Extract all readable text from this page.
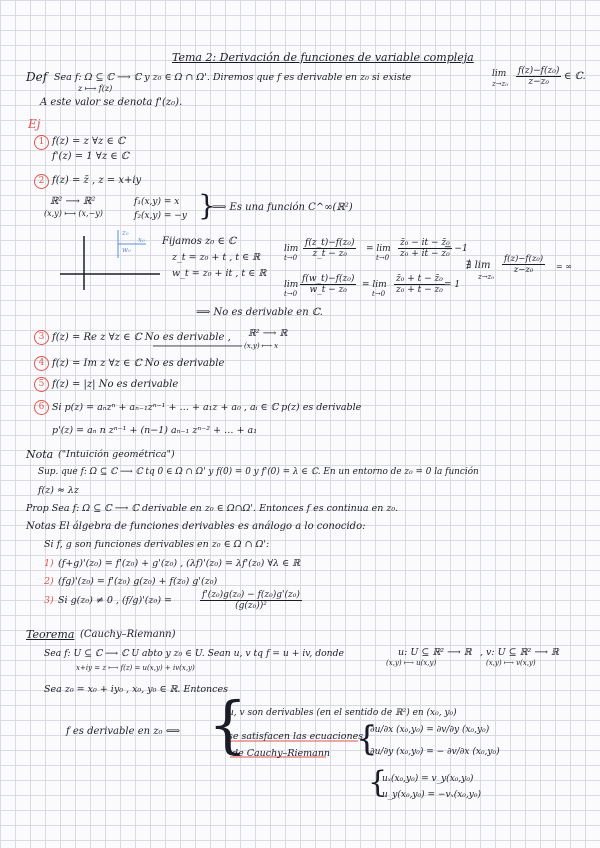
Tema 2: Derivación de funciones de variable compleja
Def Sea f: Ω ⊆ ℂ ⟶ ℂ y z₀ ∈ Ω ∩ Ω'. Diremos que f es derivable en z₀ si existe
z ⟼ f(z)
lim
$z\to z_0 \frac{\text{f(z)−f(z₀)}}{\text{z−z₀}}$ ∈ ℂ.
A este valor se denota f'(z₀).
Ej
1 f(z) = z ∀z ∈ ℂ
f'(z) = 1 ∀z ∈ ℂ
2 f(z) = z̄ , z = x+iy
ℝ² ⟶ ℝ²
(x,y) ⟼ (x,−y)
f₁(x,y) = x
f₂(x,y) = −y }
⟹ Es una función C^∞(ℝ²)
z₀
w₀
x₀ Fijamos z₀ ∈ ℂ
z_t = z₀ + t , t ∈ ℝ
w_t = z₀ + it , t ∈ ℝ
lim
$t\to 0 \frac{\text{f(z\_t)−f(z₀)}}{\text{z\_t − z₀}} = \lim$
$t\to 0 \frac{\text{z̄₀ − it − z̄₀}}{\text{z₀ + it − z₀}}$
= −1
lim
$t\to 0 \frac{\text{f(w\_t)−f(z₀)}}{\text{w\_t − z₀}} = \lim$
$t\to 0 \frac{\text{z̄₀ + t − z̄₀}}{\text{z₀ + t − z₀}} = 1$
∄ lim
z→z₀
$\frac{\text{f(z)−f(z₀)}}{\text{z−z₀}}$ = ∞
⟹ No es derivable en ℂ.
3 f(z) = Re z ∀z ∈ ℂ No es derivable , ℝ² ⟶ ℝ
(x,y) ⟼ x
4 f(z) = Im z ∀z ∈ ℂ No es derivable
5 f(z) = |z| No es derivable
6 Si p(z) = aₙzⁿ + aₙ₋₁zⁿ⁻¹ + … + a₁z + a₀ , aᵢ ∈ ℂ p(z) es derivable
p'(z) = aₙ n zⁿ⁻¹ + (n−1) aₙ₋₁ zⁿ⁻² + … + a₁
Nota ("Intuición geométrica")
Sup. que f: Ω ⊆ ℂ ⟶ ℂ tq 0 ∈ Ω ∩ Ω' y f(0) = 0 y f'(0) = λ ∈ ℂ. En un entorno de z₀ = 0 la función
f(z) ≈ λz
Prop Sea f: Ω ⊆ ℂ ⟶ ℂ derivable en z₀ ∈ Ω∩Ω'. Entonces f es continua en z₀.
Notas El álgebra de funciones derivables es análogo a lo conocido:
Si f, g son funciones derivables en z₀ ∈ Ω ∩ Ω':
1) (f+g)'(z₀) = f'(z₀) + g'(z₀) , (λf)'(z₀) = λf'(z₀) ∀λ ∈ ℝ
2) (fg)'(z₀) = f'(z₀) g(z₀) + f(z₀) g'(z₀)
3) Si g(z₀) ≠ 0 , (f/g)'(z₀) =	$\frac{\text{f'(z₀)g(z₀) − f(z₀)g'(z₀)}}{\text{(g(z₀))²}}$
Teorema (Cauchy–Riemann)
Sea f: U ⊆ ℂ ⟶ ℂ U abto y z₀ ∈ U. Sean u, v tq f = u + iv, donde
x+iy = z ⟼ f(z) = u(x,y) + iv(x,y)
u: U ⊆ ℝ² ⟶ ℝ
(x,y) ⟼ u(x,y)
, v: U ⊆ ℝ² ⟶ ℝ
(x,y) ⟼ v(x,y)
Sea z₀ = x₀ + iy₀ , x₀, y₀ ∈ ℝ. Entonces
f es derivable en z₀ ⟺ {
u, v son derivables (en el sentido de ℝ²) en (x₀, y₀)
se satisfacen las ecuaciones
de Cauchy–Riemann {
∂u/∂x (x₀,y₀) = ∂v/∂y (x₀,y₀)
∂u/∂y (x₀,y₀) = − ∂v/∂x (x₀,y₀)
{
uₓ(x₀,y₀) = v_y(x₀,y₀)
u_y(x₀,y₀) = −vₓ(x₀,y₀)
